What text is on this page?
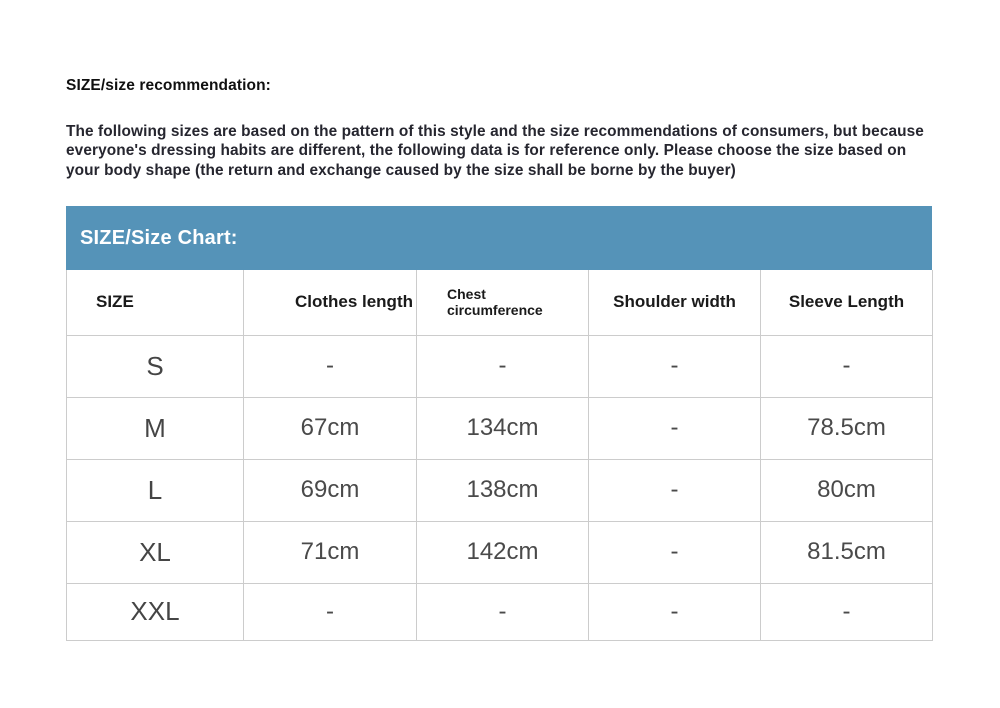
SIZE/size recommendation:
The following sizes are based on the pattern of this style and the size recommendations of consumers, but because everyone's dressing habits are different, the following data is for reference only. Please choose the size based on your body shape (the return and exchange caused by the size shall be borne by the buyer)
SIZE/Size Chart:
SIZE	Clothes length	Chest circumference	Shoulder width	Sleeve Length
S	-	-	-	-
M	67cm	134cm	-	78.5cm
L	69cm	138cm	-	80cm
XL	71cm	142cm	-	81.5cm
XXL	-	-	-	-
